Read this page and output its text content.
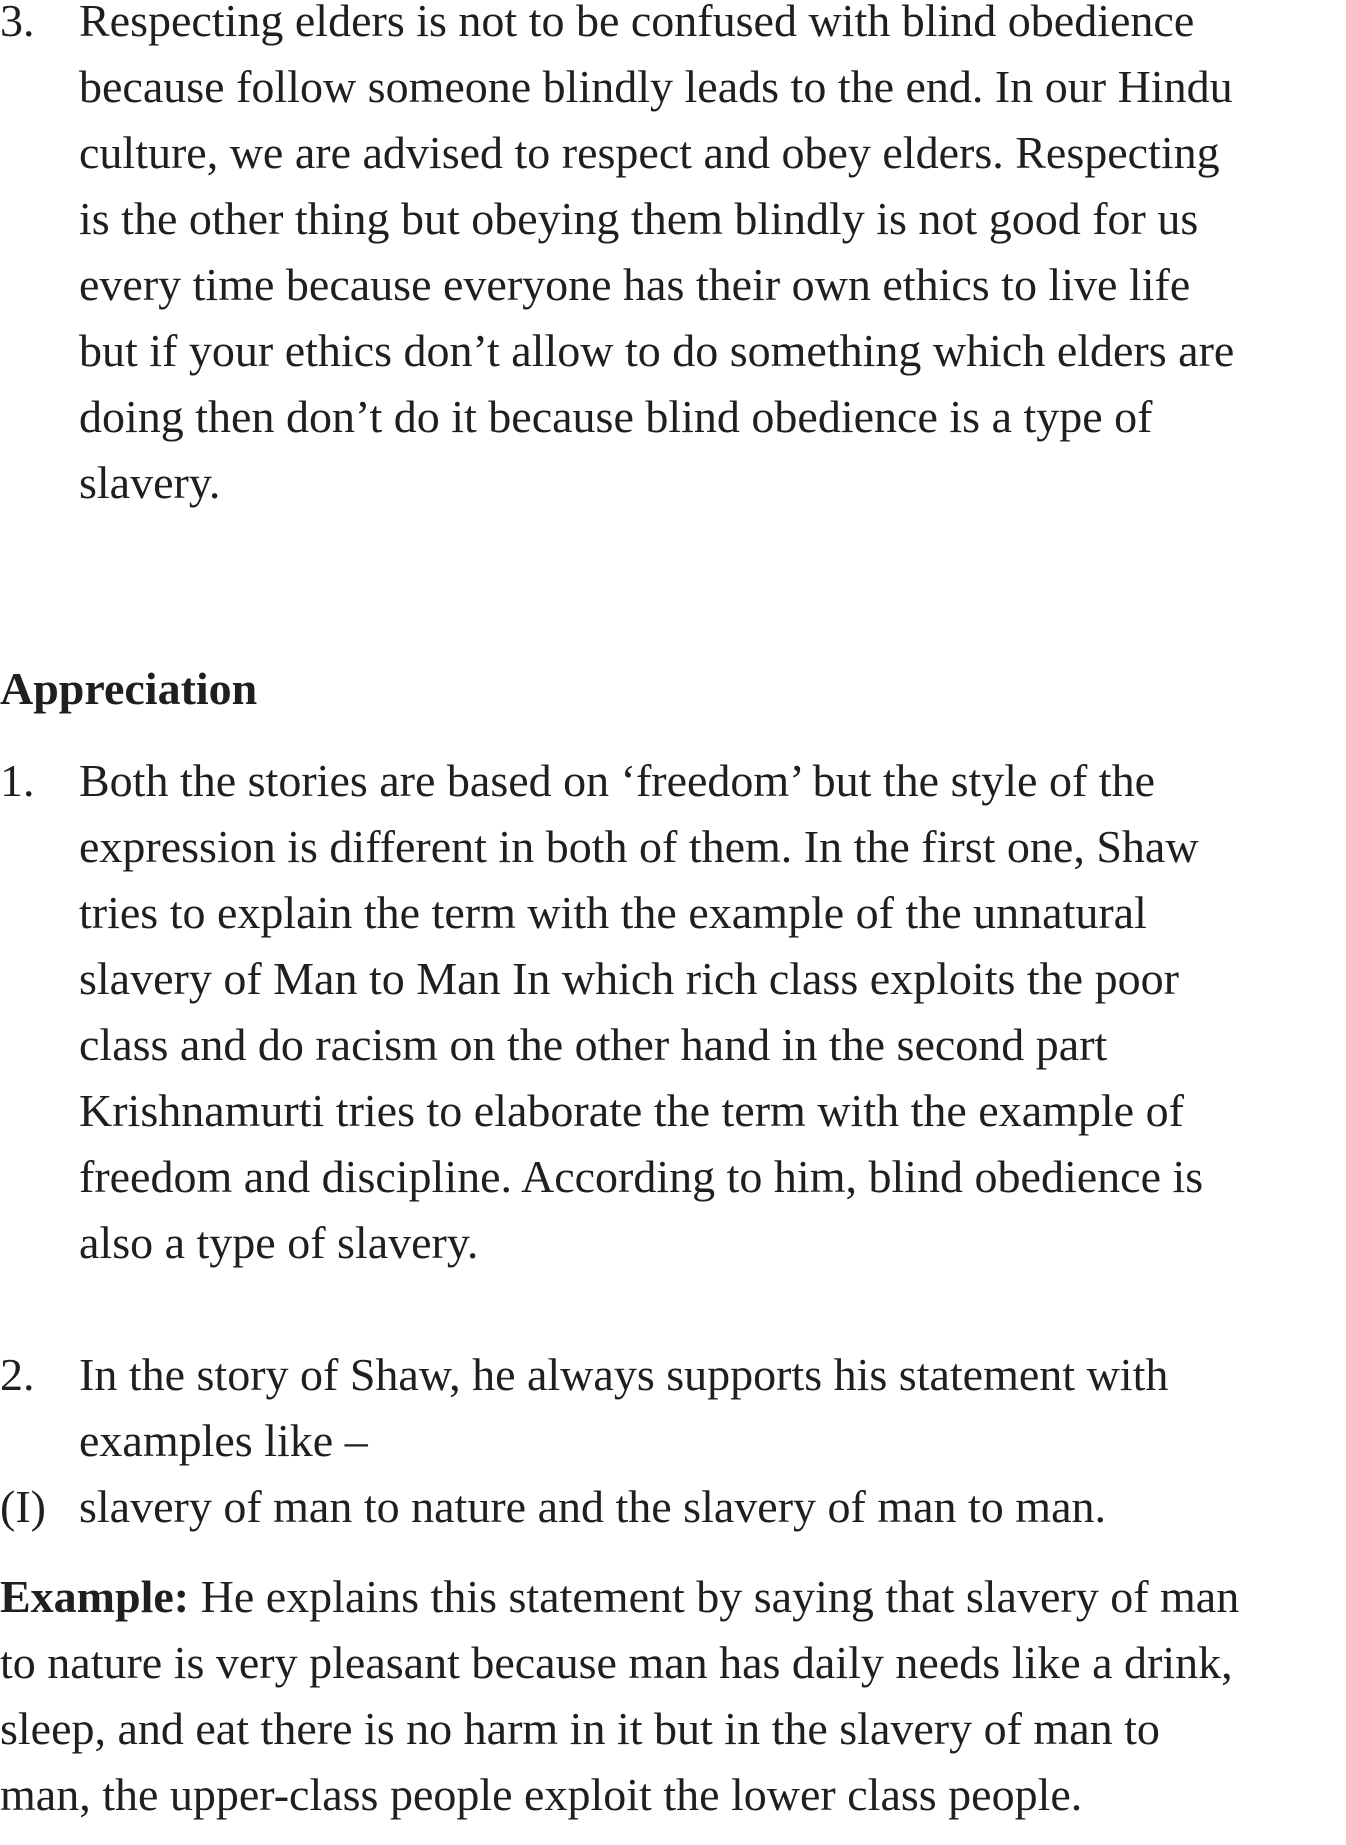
3. Respecting elders is not to be confused with blind obedience
because follow someone blindly leads to the end. In our Hindu
culture, we are advised to respect and obey elders. Respecting
is the other thing but obeying them blindly is not good for us
every time because everyone has their own ethics to live life
but if your ethics don’t allow to do something which elders are
doing then don’t do it because blind obedience is a type of
slavery.
Appreciation
1. Both the stories are based on ‘freedom’ but the style of the
expression is different in both of them. In the first one, Shaw
tries to explain the term with the example of the unnatural
slavery of Man to Man In which rich class exploits the poor
class and do racism on the other hand in the second part
Krishnamurti tries to elaborate the term with the example of
freedom and discipline. According to him, blind obedience is
also a type of slavery.
2. In the story of Shaw, he always supports his statement with
examples like –
(I) slavery of man to nature and the slavery of man to man.
Example: He explains this statement by saying that slavery of man
to nature is very pleasant because man has daily needs like a drink,
sleep, and eat there is no harm in it but in the slavery of man to
man, the upper-class people exploit the lower class people.
